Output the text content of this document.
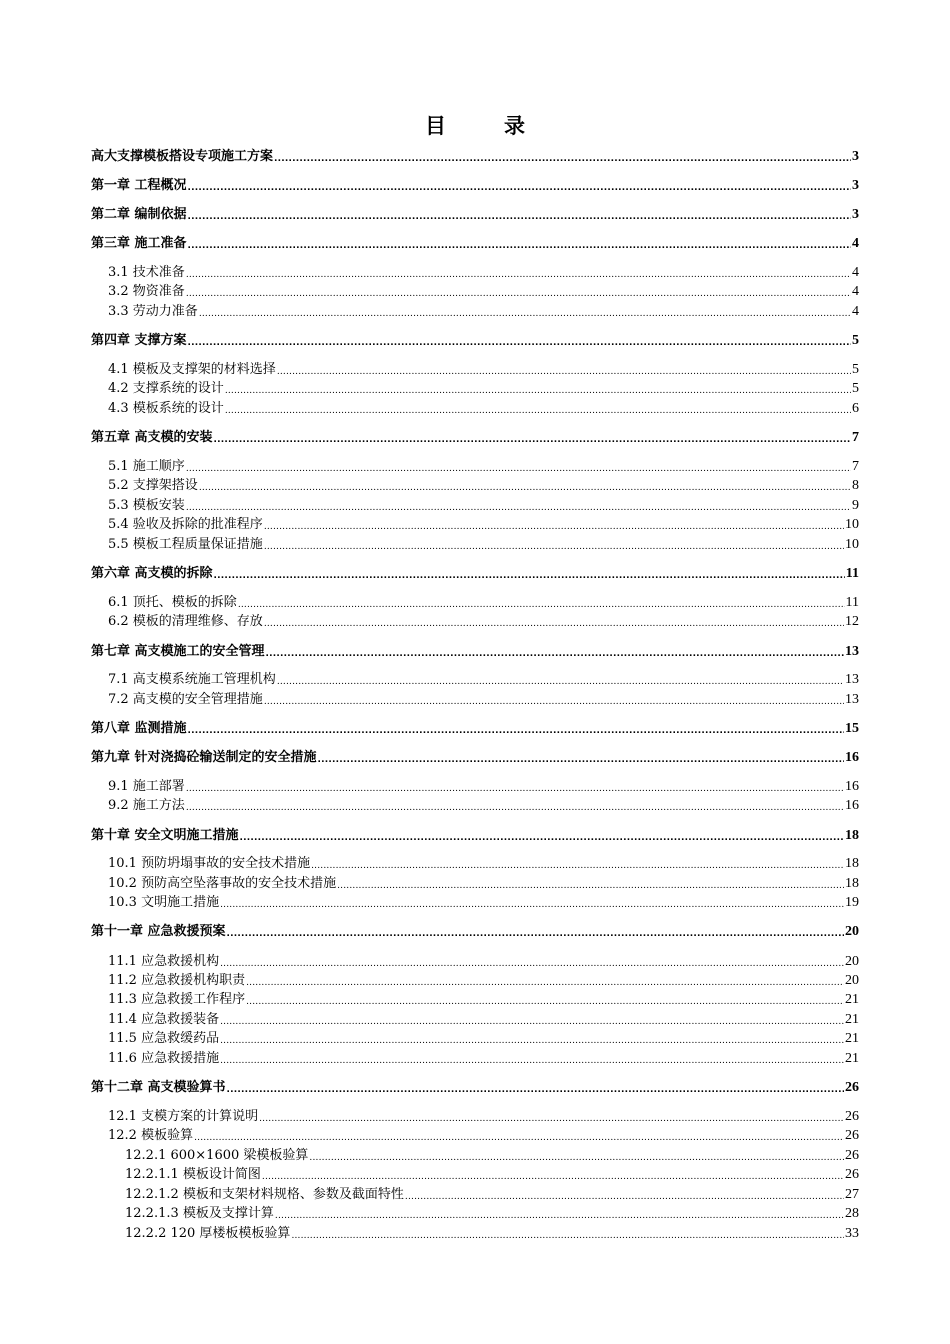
目	录
高大支撑模板搭设专项施工方案 .....	3
第一章 工程概况 .....	3
第二章 编制依据 .....	3
第三章 施工准备 .....	4
3.1 技术准备 .....	4
3.2 物资准备 .....	4
3.3 劳动力准备 .....	4
第四章 支撑方案 .....	5
4.1 模板及支撑架的材料选择 .....	5
4.2 支撑系统的设计 .....	5
4.3 模板系统的设计 .....	6
第五章 高支模的安装 .....	7
5.1 施工顺序 .....	7
5.2 支撑架搭设 .....	8
5.3 模板安装 .....	9
5.4 验收及拆除的批准程序 .....	10
5.5 模板工程质量保证措施 .....	10
第六章 高支模的拆除 .....	11
6.1 顶托、模板的拆除 .....	11
6.2 模板的清理维修、存放 .....	12
第七章 高支模施工的安全管理 .....	13
7.1 高支模系统施工管理机构 .....	13
7.2 高支模的安全管理措施 .....	13
第八章 监测措施 .....	15
第九章 针对浇捣砼输送制定的安全措施 .....	16
9.1 施工部署 .....	16
9.2 施工方法 .....	16
第十章 安全文明施工措施 .....	18
10.1 预防坍塌事故的安全技术措施 .....	18
10.2 预防高空坠落事故的安全技术措施 .....	18
10.3 文明施工措施 .....	19
第十一章 应急救援预案 .....	20
11.1 应急救援机构 .....	20
11.2 应急救援机构职责 .....	20
11.3 应急救援工作程序 .....	21
11.4 应急救援装备 .....	21
11.5 应急救缓药品 .....	21
11.6 应急救援措施 .....	21
第十二章 高支模验算书 .....	26
12.1 支模方案的计算说明 .....	26
12.2 模板验算 .....	26
12.2.1 600×1600 梁模板验算 .....	26
12.2.1.1 模板设计简图 .....	26
12.2.1.2 模板和支架材料规格、参数及截面特性 .....	27
12.2.1.3 模板及支撑计算 .....	28
12.2.2 120 厚楼板模板验算 .....	33
